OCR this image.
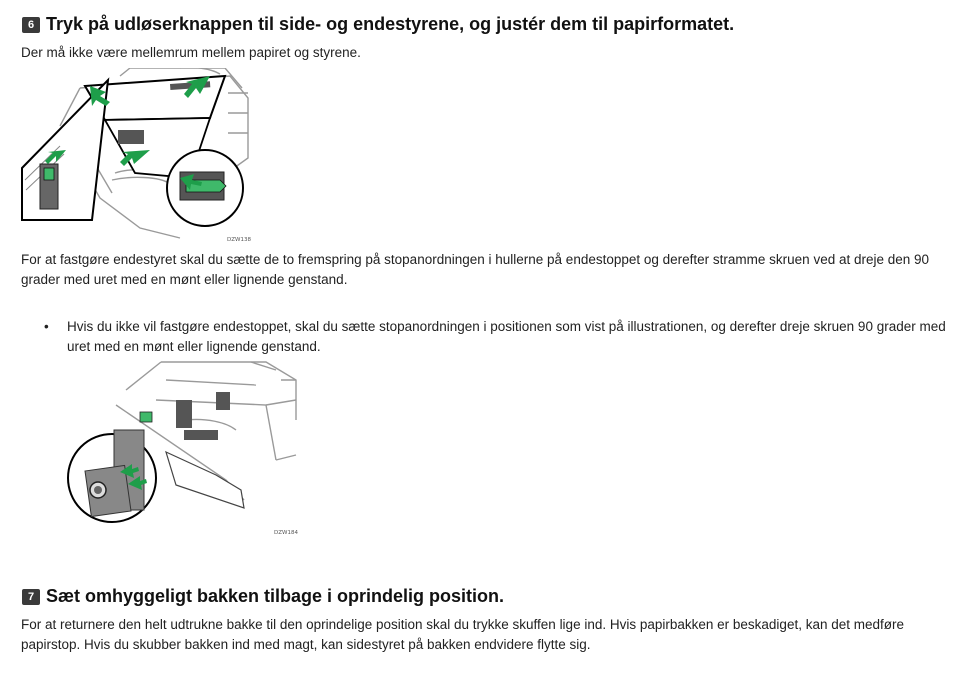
6 Tryk på udløserknappen til side- og endestyrene, og justér dem til papirformatet.
Der må ikke være mellemrum mellem papiret og styrene.
DZW138
For at fastgøre endestyret skal du sætte de to fremspring på stopanordningen i hullerne på endestoppet og derefter stramme skruen ved at dreje den 90 grader med uret med en mønt eller lignende genstand.
•	Hvis du ikke vil fastgøre endestoppet, skal du sætte stopanordningen i positionen som vist på illustrationen, og derefter dreje skruen 90 grader med uret med en mønt eller lignende genstand.
DZW184
7 Sæt omhyggeligt bakken tilbage i oprindelig position.
For at returnere den helt udtrukne bakke til den oprindelige position skal du trykke skuffen lige ind. Hvis papirbakken er beskadiget, kan det medføre papirstop. Hvis du skubber bakken ind med magt, kan sidestyret på bakken endvidere flytte sig.
